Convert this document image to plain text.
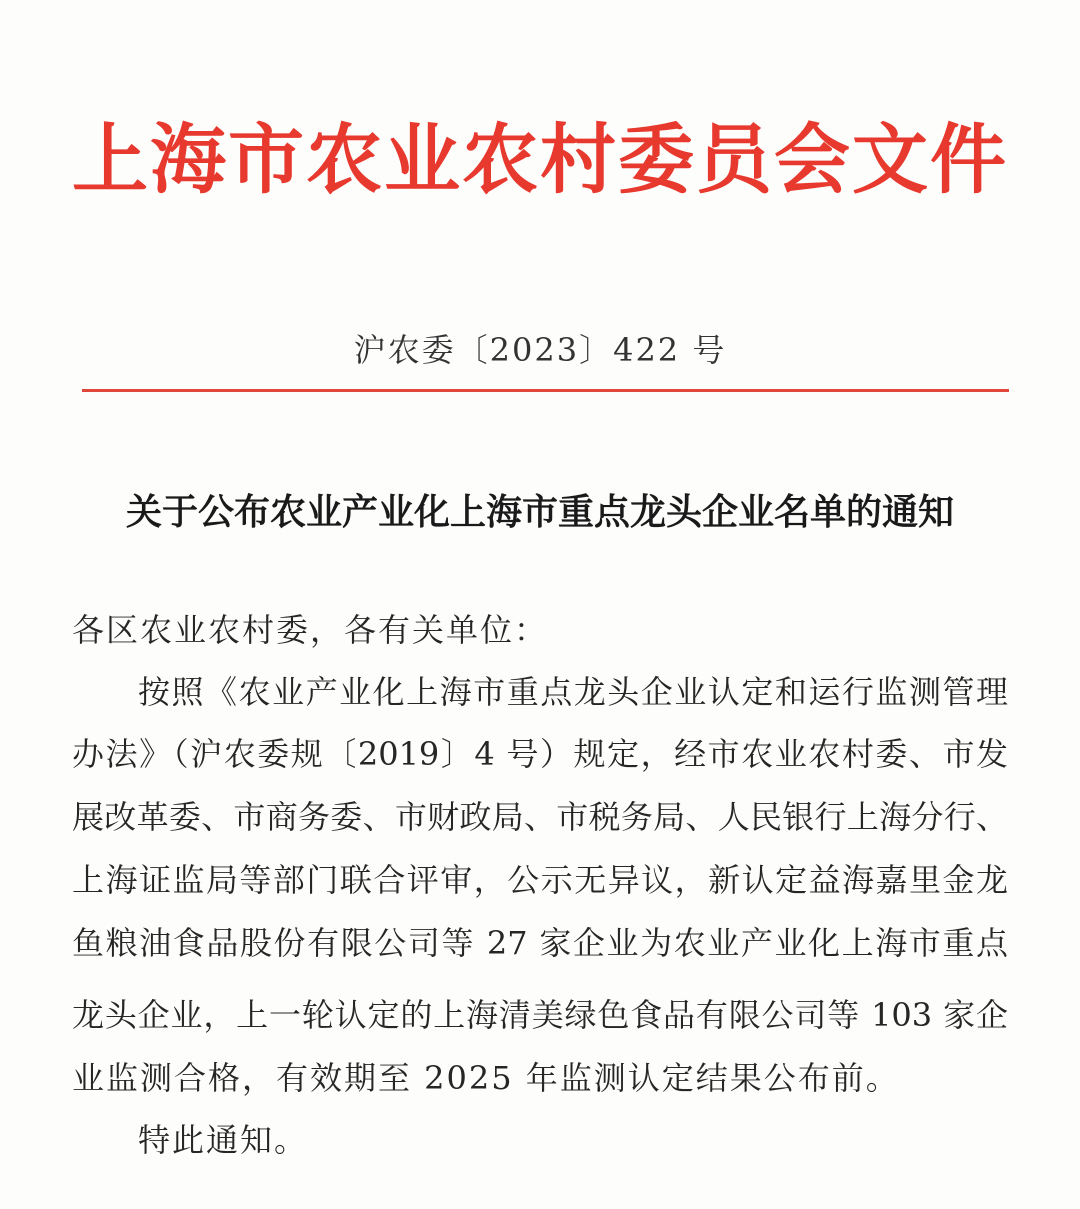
上海市农业农村委员会文件
沪农委〔2023〕422 号
关于公布农业产业化上海市重点龙头企业名单的通知
各区农业农村委，各有关单位：
按照《农业产业化上海市重点龙头企业认定和运行监测管理
办法》（沪农委规〔2019〕4 号）规定，经市农业农村委、市发
展改革委、市商务委、市财政局、市税务局、人民银行上海分行、
上海证监局等部门联合评审，公示无异议，新认定益海嘉里金龙
鱼粮油食品股份有限公司等 27 家企业为农业产业化上海市重点
龙头企业，上一轮认定的上海清美绿色食品有限公司等 103 家企
业监测合格，有效期至 2025 年监测认定结果公布前。
特此通知。
